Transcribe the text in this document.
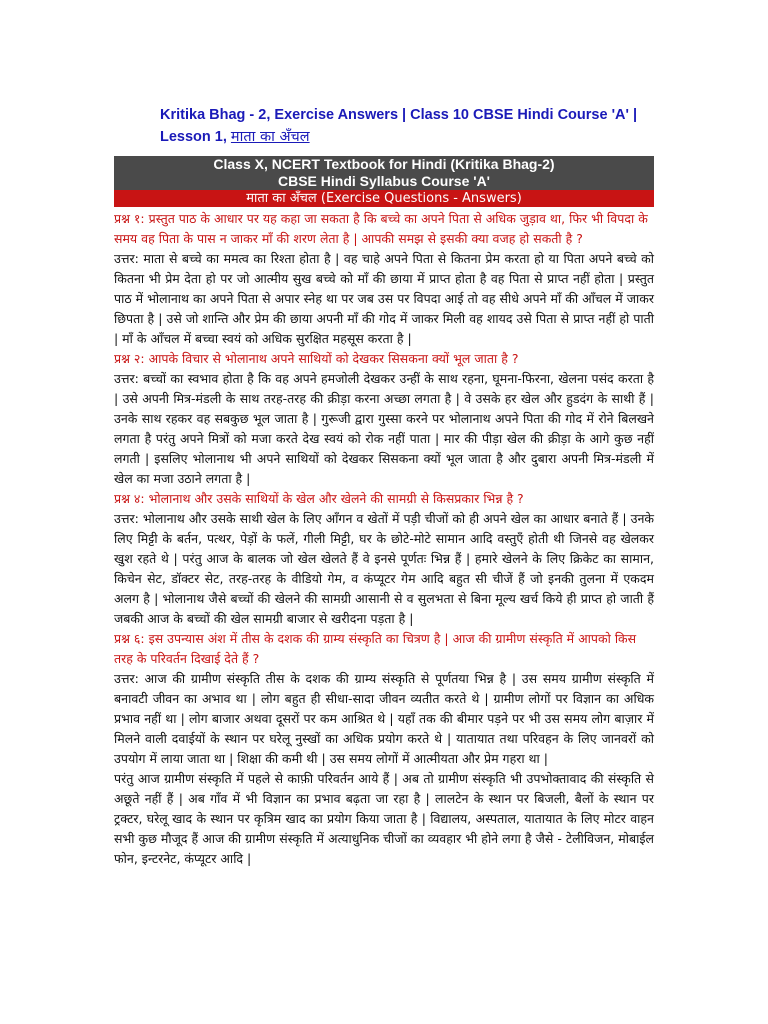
Kritika Bhag - 2, Exercise Answers | Class 10 CBSE Hindi Course 'A' |
Lesson 1, माता का अँचल
Class X, NCERT Textbook for Hindi (Kritika Bhag-2)
CBSE Hindi Syllabus Course 'A'
माता का अँचल (Exercise Questions - Answers)

प्रश्न १: प्रस्तुत पाठ के आधार पर यह कहा जा सकता है कि बच्चे का अपने पिता से अधिक जुड़ाव था, फिर भी विपदा के समय वह पिता के पास न जाकर माँ की शरण लेता है | आपकी समझ से इसकी क्या वजह हो सकती है ?

उत्तर: माता से बच्चे का ममत्व का रिश्ता होता है | वह चाहे अपने पिता से कितना प्रेम करता हो या पिता अपने बच्चे को कितना भी प्रेम देता हो पर जो आत्मीय सुख बच्चे को माँ की छाया में प्राप्त होता है वह पिता से प्राप्त नहीं होता | प्रस्तुत पाठ में भोलानाथ का अपने पिता से अपार स्नेह था पर जब उस पर विपदा आई तो वह सीधे अपने माँ की आँचल में जाकर छिपता है | उसे जो शान्ति और प्रेम की छाया अपनी माँ की गोद में जाकर मिली वह शायद उसे पिता से प्राप्त नहीं हो पाती | माँ के आँचल में बच्चा स्वयं को अधिक सुरक्षित महसूस करता है |

प्रश्न २: आपके विचार से भोलानाथ अपने साथियों को देखकर सिसकना क्यों भूल जाता है ?

उत्तर: बच्चों का स्वभाव होता है कि वह अपने हमजोली देखकर उन्हीं के साथ रहना, घूमना-फिरना, खेलना पसंद करता है | उसे अपनी मित्र-मंडली के साथ तरह-तरह की क्रीड़ा करना अच्छा लगता है | वे उसके हर खेल और हुडदंग के साथी हैं | उनके साथ रहकर वह सबकुछ भूल जाता है | गुरूजी द्वारा गुस्सा करने पर भोलानाथ अपने पिता की गोद में रोने बिलखने लगता है परंतु अपने मित्रों को मजा करते देख स्वयं को रोक नहीं पाता | मार की पीड़ा खेल की क्रीड़ा के आगे कुछ नहीं लगती | इसलिए भोलानाथ भी अपने साथियों को देखकर सिसकना क्यों भूल जाता है और दुबारा अपनी मित्र-मंडली में खेल का मजा उठाने लगता है |

प्रश्न ४: भोलानाथ और उसके साथियों के खेल और खेलने की सामग्री से किसप्रकार भिन्न है ?

उत्तर: भोलानाथ और उसके साथी खेल के लिए आँगन व खेतों में पड़ी चीजों को ही अपने खेल का आधार बनाते हैं | उनके लिए मिट्टी के बर्तन, पत्थर, पेड़ों के फलें, गीली मिट्टी, घर के छोटे-मोटे सामान आदि वस्तुएँ होती थी जिनसे वह खेलकर खुश रहते थे | परंतु आज के बालक जो खेल खेलते हैं वे इनसे पूर्णतः भिन्न हैं | हमारे खेलने के लिए क्रिकेट का सामान, किचेन सेट, डॉक्टर सेट, तरह-तरह के वीडियो गेम, व कंप्यूटर गेम आदि बहुत सी चीजें हैं जो इनकी तुलना में एकदम अलग है | भोलानाथ जैसे बच्चों की खेलने की सामग्री आसानी से व सुलभता से बिना मूल्य खर्च किये ही प्राप्त हो जाती हैं जबकी आज के बच्चों की खेल सामग्री बाजार से खरीदना पड़ता है |

प्रश्न ६: इस उपन्यास अंश में तीस के दशक की ग्राम्य संस्कृति का चित्रण है | आज की ग्रामीण संस्कृति में आपको किस तरह के परिवर्तन दिखाई देते हैं ?

उत्तर: आज की ग्रामीण संस्कृति तीस के दशक की ग्राम्य संस्कृति से पूर्णतया भिन्न है | उस समय ग्रामीण संस्कृति में बनावटी जीवन का अभाव था | लोग बहुत ही सीधा-सादा जीवन व्यतीत करते थे | ग्रामीण लोगों पर विज्ञान का अधिक प्रभाव नहीं था | लोग बाजार अथवा दूसरों पर कम आश्रित थे | यहाँ तक की बीमार पड़ने पर भी उस समय लोग बाज़ार में मिलने वाली दवाईयों के स्थान पर घरेलू नुस्खों का अधिक प्रयोग करते थे | यातायात तथा परिवहन के लिए जानवरों को उपयोग में लाया जाता था | शिक्षा की कमी थी | उस समय लोगों में आत्मीयता और प्रेम गहरा था |

परंतु आज ग्रामीण संस्कृति में पहले से काफ़ी परिवर्तन आये हैं | अब तो ग्रामीण संस्कृति भी उपभोक्तावाद की संस्कृति से अछूते नहीं हैं | अब गाँव में भी विज्ञान का प्रभाव बढ़ता जा रहा है | लालटेन के स्थान पर बिजली, बैलों के स्थान पर ट्रक्टर, घरेलू खाद के स्थान पर कृत्रिम खाद का प्रयोग किया जाता है | विद्यालय, अस्पताल, यातायात के लिए मोटर वाहन सभी कुछ मौजूद हैं आज की ग्रामीण संस्कृति में अत्याधुनिक चीजों का व्यवहार भी होने लगा है जैसे - टेलीविजन, मोबाईल फोन, इन्टरनेट, कंप्यूटर आदि |
